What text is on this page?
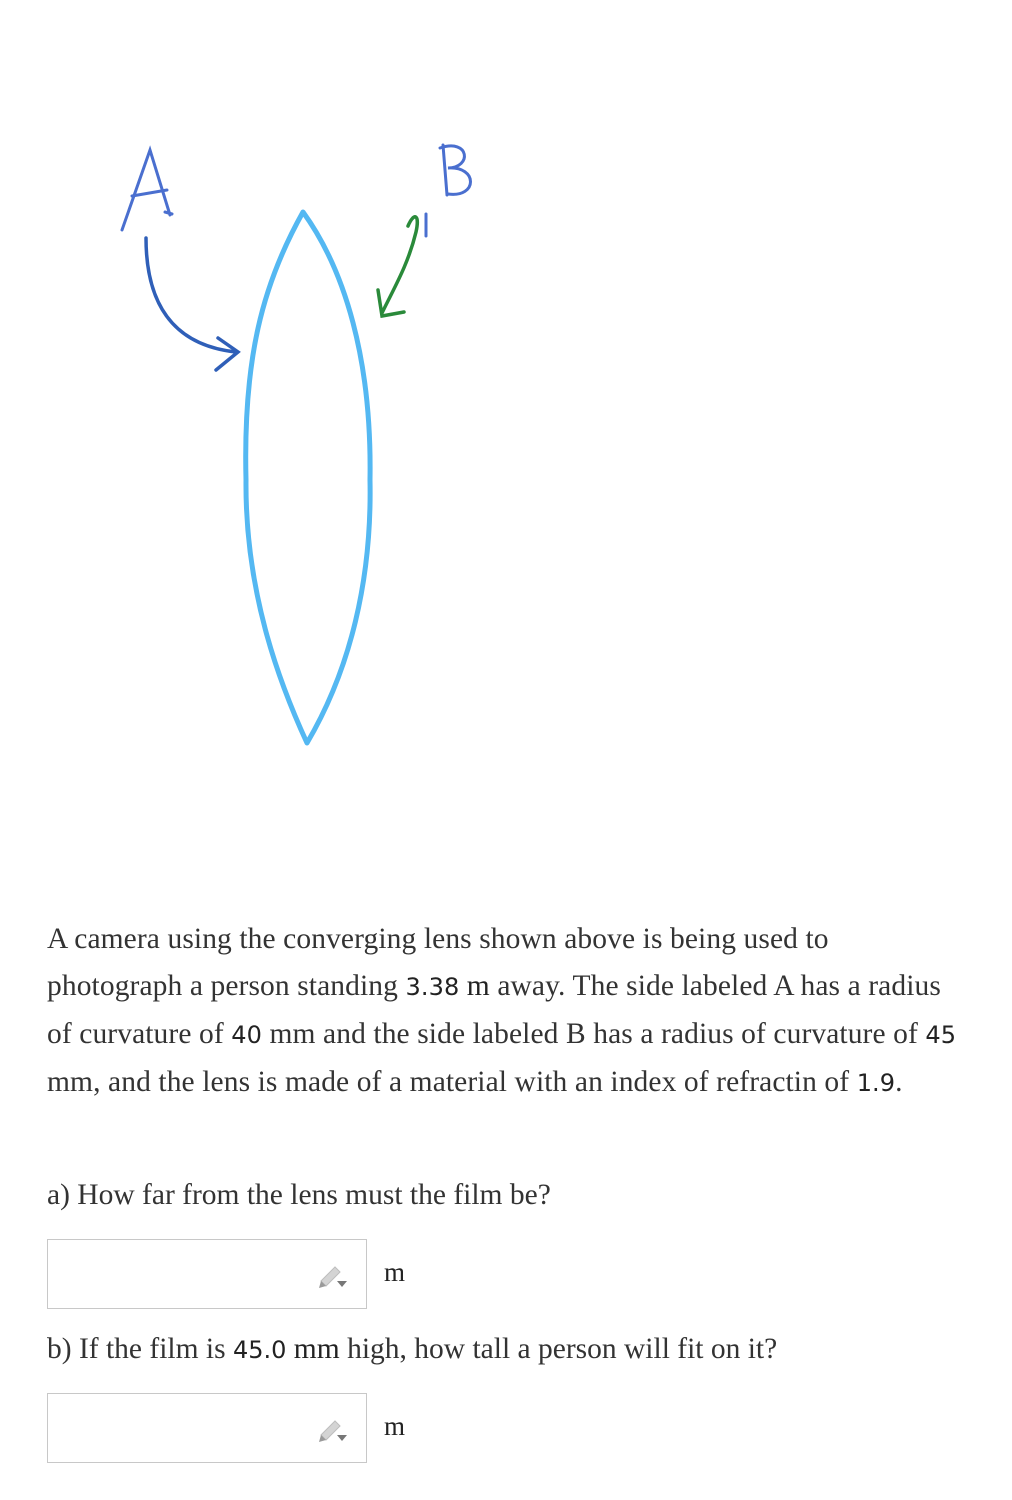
A camera using the converging lens shown above is being used to photograph a person standing 3.38 m away. The side labeled A has a radius of curvature of 40 mm and the side labeled B has a radius of curvature of 45 mm, and the lens is made of a material with an index of refractin of 1.9.

a) How far from the lens must the film be?

m

b) If the film is 45.0 mm high, how tall a person will fit on it?

m
